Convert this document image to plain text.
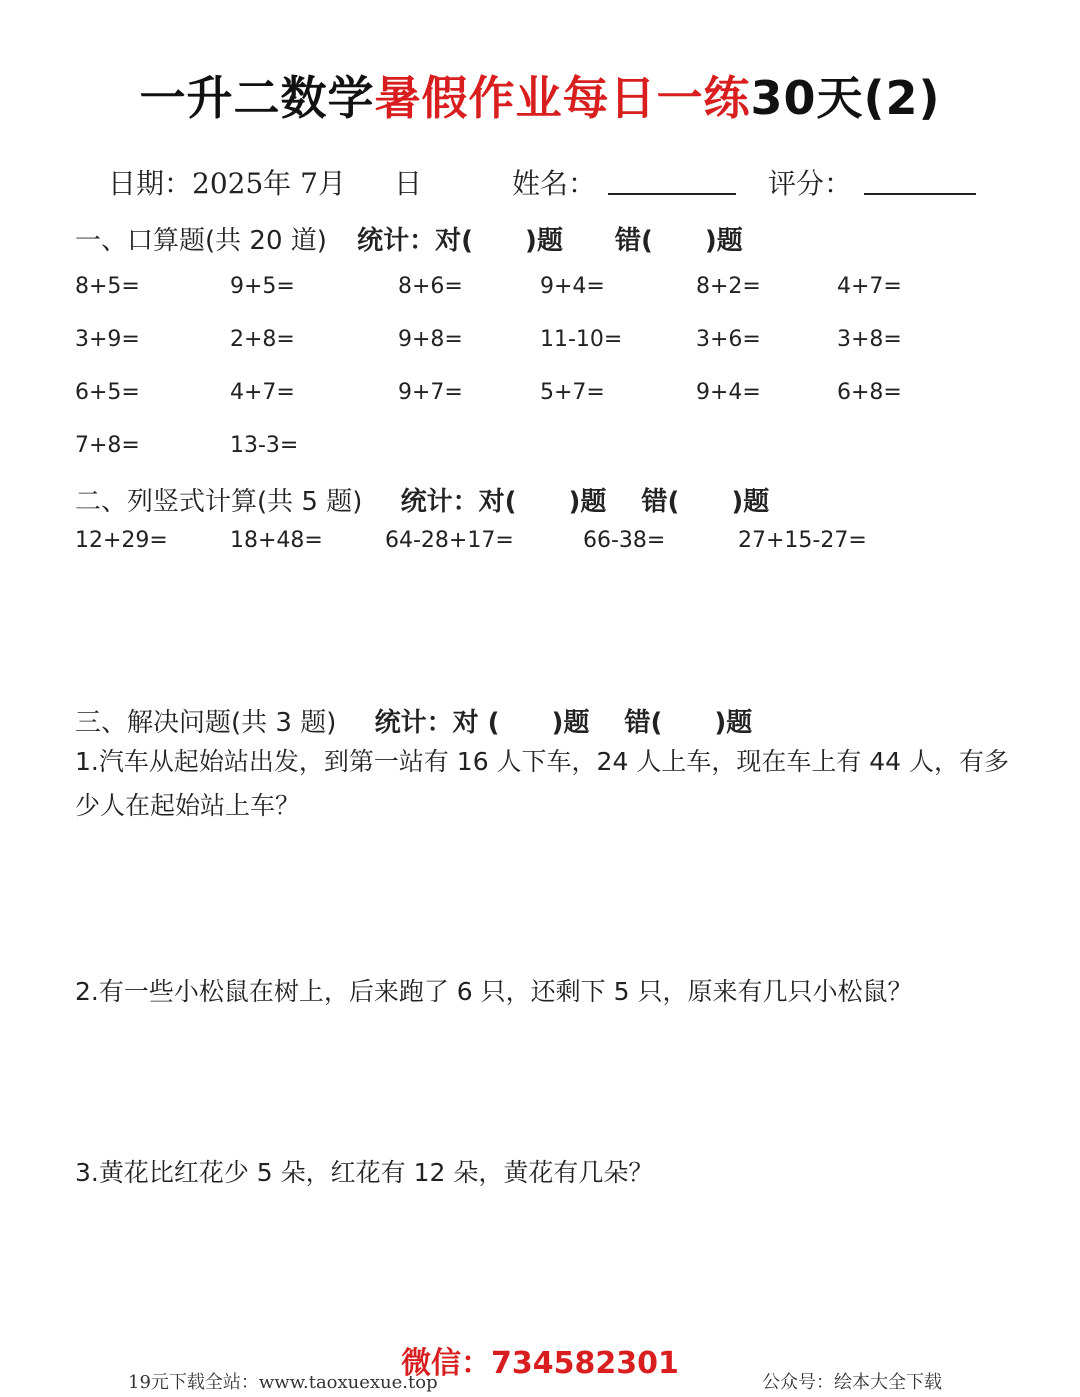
一升二数学暑假作业每日一练30天(2)
日期：2025年 7月 日	姓名：	评分：
一、口算题(共 20 道) 统计：对(　　)题　　错(　　)题
8+5=	9+5=	8+6=	9+4=	8+2=	4+7=
3+9=	2+8=	9+8=	11-10=	3+6=	3+8=
6+5=	4+7=	9+7=	5+7=	9+4=	6+8=
7+8=	13-3=
二、列竖式计算(共 5 题) 统计：对(　　)题　 错(　　)题
12+29=	18+48=	64-28+17=	66-38=	27+15-27=
三、解决问题(共 3 题) 统计：对 (　　)题　 错(　　)题
1.汽车从起始站出发，到第一站有 16 人下车，24 人上车，现在车上有 44 人，有多少人在起始站上车？
2.有一些小松鼠在树上，后来跑了 6 只，还剩下 5 只，原来有几只小松鼠？
3.黄花比红花少 5 朵，红花有 12 朵，黄花有几朵？
微信：734582301
19元下载全站：www.taoxuexue.top	公众号：绘本大全下载
